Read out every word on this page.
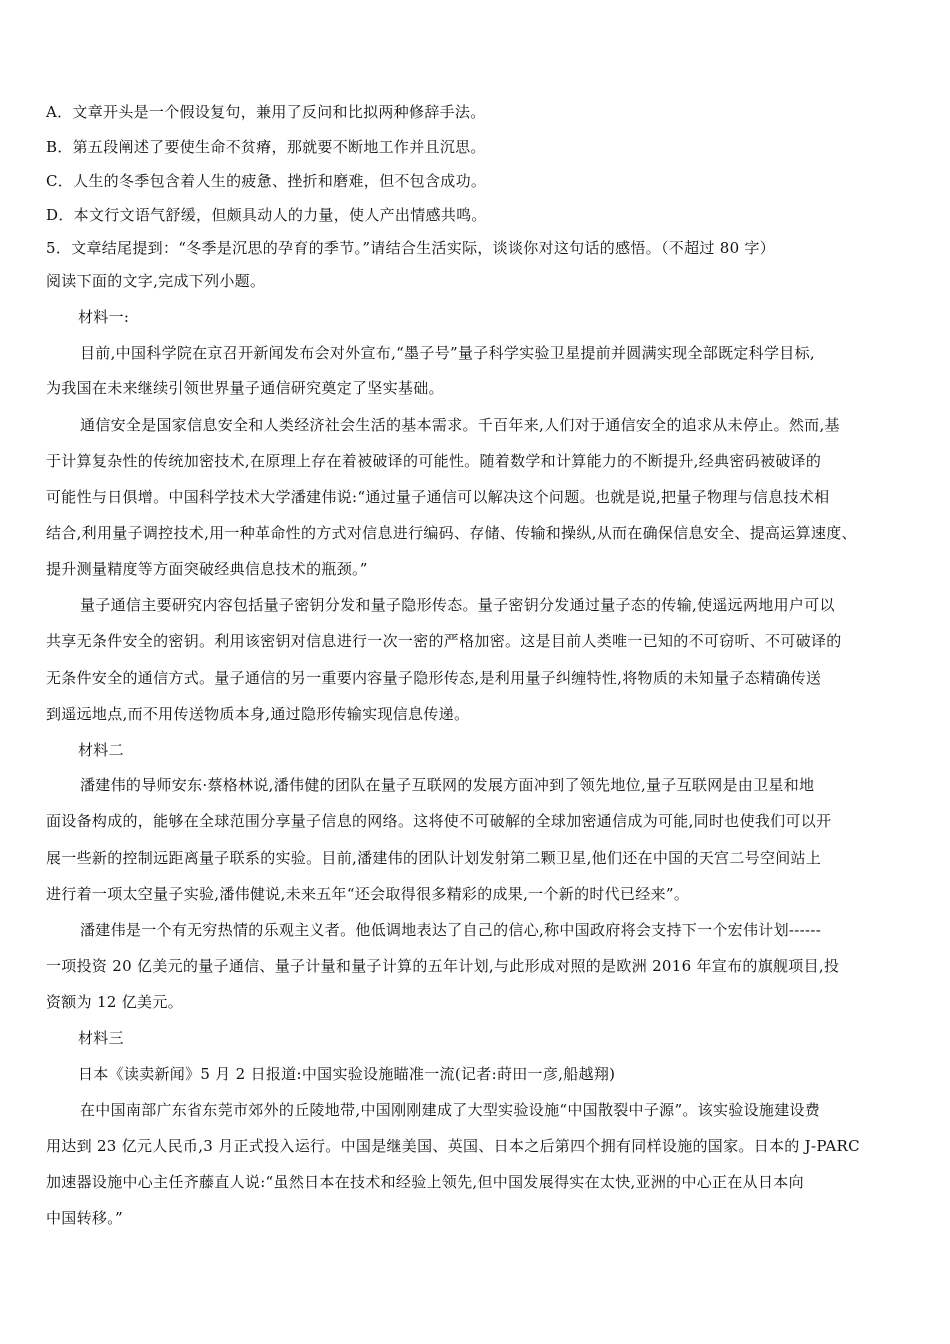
A．文章开头是一个假设复句，兼用了反问和比拟两种修辞手法。
B．第五段阐述了要使生命不贫瘠，那就要不断地工作并且沉思。
C．人生的冬季包含着人生的疲惫、挫折和磨难，但不包含成功。
D．本文行文语气舒缓，但颇具动人的力量，使人产出情感共鸣。
5．文章结尾提到：“冬季是沉思的孕育的季节。”请结合生活实际，谈谈你对这句话的感悟。（不超过 80 字）
阅读下面的文字,完成下列小题。
材料一:
目前,中国科学院在京召开新闻发布会对外宣布,“墨子号”量子科学实验卫星提前并圆满实现全部既定科学目标,
为我国在未来继续引领世界量子通信研究奠定了坚实基础。
通信安全是国家信息安全和人类经济社会生活的基本需求。千百年来,人们对于通信安全的追求从未停止。然而,基
于计算复杂性的传统加密技术,在原理上存在着被破译的可能性。随着数学和计算能力的不断提升,经典密码被破译的
可能性与日俱增。中国科学技术大学潘建伟说:“通过量子通信可以解决这个问题。也就是说,把量子物理与信息技术相
结合,利用量子调控技术,用一种革命性的方式对信息进行编码、存储、传输和操纵,从而在确保信息安全、提高运算速度、
提升测量精度等方面突破经典信息技术的瓶颈。”
量子通信主要研究内容包括量子密钥分发和量子隐形传态。量子密钥分发通过量子态的传输,使遥远两地用户可以
共享无条件安全的密钥。利用该密钥对信息进行一次一密的严格加密。这是目前人类唯一已知的不可窃听、不可破译的
无条件安全的通信方式。量子通信的另一重要内容量子隐形传态,是利用量子纠缠特性,将物质的未知量子态精确传送
到遥远地点,而不用传送物质本身,通过隐形传输实现信息传递。
材料二
潘建伟的导师安东·蔡格林说,潘伟健的团队在量子互联网的发展方面冲到了领先地位,量子互联网是由卫星和地
面设备构成的，能够在全球范围分享量子信息的网络。这将使不可破解的全球加密通信成为可能,同时也使我们可以开
展一些新的控制远距离量子联系的实验。目前,潘建伟的团队计划发射第二颗卫星,他们还在中国的天宫二号空间站上
进行着一项太空量子实验,潘伟健说,未来五年“还会取得很多精彩的成果,一个新的时代已经来”。
潘建伟是一个有无穷热情的乐观主义者。他低调地表达了自己的信心,称中国政府将会支持下一个宏伟计划------
一项投资 20 亿美元的量子通信、量子计量和量子计算的五年计划,与此形成对照的是欧洲 2016 年宣布的旗舰项目,投
资额为 12 亿美元。
材料三
日本《读卖新闻》5 月 2 日报道:中国实验设施瞄准一流(记者:莳田一彦,船越翔)
在中国南部广东省东莞市郊外的丘陵地带,中国刚刚建成了大型实验设施“中国散裂中子源”。该实验设施建设费
用达到 23 亿元人民币,3 月正式投入运行。中国是继美国、英国、日本之后第四个拥有同样设施的国家。日本的 J-PARC
加速器设施中心主任齐藤直人说:“虽然日本在技术和经验上领先,但中国发展得实在太快,亚洲的中心正在从日本向
中国转移。”
